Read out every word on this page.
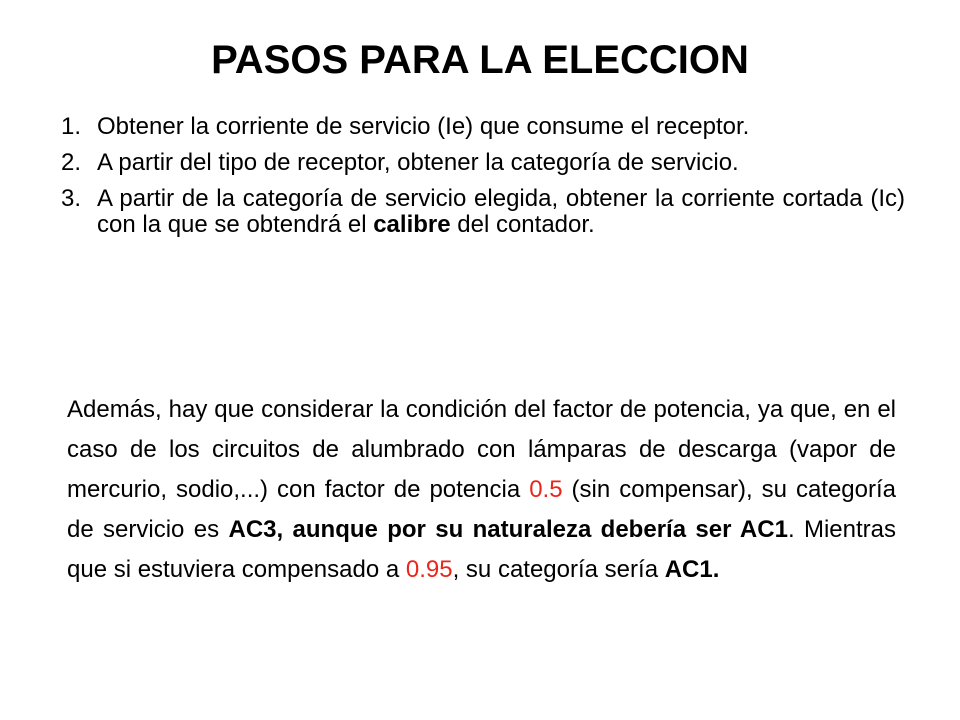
PASOS PARA LA ELECCION
1. Obtener la corriente de servicio (Ie) que consume el receptor.
2. A partir del tipo de receptor, obtener la categoría de servicio.
3. A partir de la categoría de servicio elegida, obtener la corriente cortada (Ic) con la que se obtendrá el calibre del contador.

Además, hay que considerar la condición del factor de potencia, ya que, en el caso de los circuitos de alumbrado con lámparas de descarga (vapor de mercurio, sodio,...) con factor de potencia 0.5 (sin compensar), su categoría de servicio es AC3, aunque por su naturaleza debería ser AC1. Mientras que si estuviera compensado a 0.95, su categoría sería AC1.
